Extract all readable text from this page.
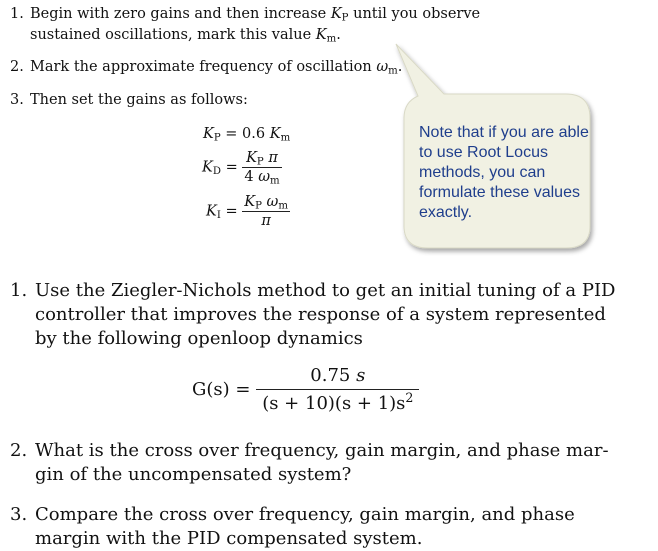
1. Begin with zero gains and then increase $K_P$ until you observe
sustained oscillations, mark this value $K_m$.
2. Mark the approximate frequency of oscillation $\omega_m$.
3. Then set the gains as follows:
$K_P = 0.6$ $K_m$
$K_D = \frac{K_P \pi}{4 \omega_m}$
$K_I = \frac{K_P \omega_m}{\pi}$
Note that if you are able to use Root Locus methods, you can formulate these values exactly.
1. Use the Ziegler-Nichols method to get an initial tuning of a PID
controller that improves the response of a system represented
by the following openloop dynamics
$G(s) = \frac{0.75 s}{(s + 10)(s + 1)s^2}$
2. What is the cross over frequency, gain margin, and phase mar-
gin of the uncompensated system?
3. Compare the cross over frequency, gain margin, and phase
margin with the PID compensated system.
